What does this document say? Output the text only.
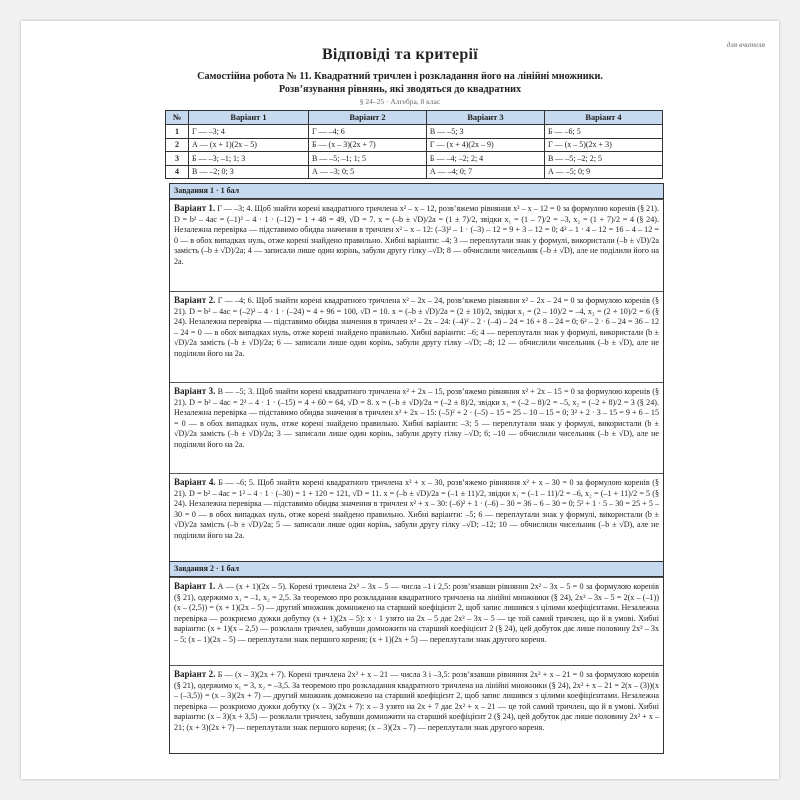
для вчителя
Відповіді та критерії
Самостійна робота № 11. Квадратний тричлен і розкладання його на лінійні множники.
Розв’язування рівнянь, які зводяться до квадратних
§ 24–25 · Алгебра, 8 клас
№	Варіант 1	Варіант 2	Варіант 3	Варіант 4
1	Г — –3; 4	Г — –4; 6	В — –5; 3	Б — –6; 5
2	А — (x + 1)(2x – 5)	Б — (x – 3)(2x + 7)	Г — (x + 4)(2x – 9)	Г — (x – 5)(2x + 3)
3	Б — –3; –1; 1; 3	В — –5; –1; 1; 5	Б — –4; –2; 2; 4	В — –5; –2; 2; 5
4	В — –2; 0; 3	А — –3; 0; 5	А — –4; 0; 7	А — –5; 0; 9
Завдання 1 · 1 бал
Варіант 1. Г — –3; 4. Щоб знайти корені квадратного тричлена x² – x – 12, розв’яжемо рівняння x² – x – 12 = 0 за формулою коренів (§ 21). D = b² – 4ac = (–1)² – 4 · 1 · (–12) = 1 + 48 = 49, √D = 7. x = (–b ± √D)/2a = (1 ± 7)/2, звідки x₁ = (1 – 7)/2 = –3, x₂ = (1 + 7)/2 = 4 (§ 24). Незалежна перевірка — підставимо обидва значення в тричлен x² – x – 12: (–3)² – 1 · (–3) – 12 = 9 + 3 – 12 = 0; 4² – 1 · 4 – 12 = 16 – 4 – 12 = 0 — в обох випадках нуль, отже корені знайдено правильно. Хибні варіанти: –4; 3 — переплутали знак у формулі, використали (–b ± √D)/2a замість (–b ± √D)/2a; 4 — записали лише один корінь, забули другу гілку –√D; 8 — обчислили чисельник (–b ± √D), але не поділили його на 2a.
Варіант 2. Г — –4; 6. Щоб знайти корені квадратного тричлена x² – 2x – 24, розв’яжемо рівняння x² – 2x – 24 = 0 за формулою коренів (§ 21). D = b² – 4ac = (–2)² – 4 · 1 · (–24) = 4 + 96 = 100, √D = 10. x = (–b ± √D)/2a = (2 ± 10)/2, звідки x₁ = (2 – 10)/2 = –4, x₂ = (2 + 10)/2 = 6 (§ 24). Незалежна перевірка — підставимо обидва значення в тричлен x² – 2x – 24: (–4)² – 2 · (–4) – 24 = 16 + 8 – 24 = 0; 6² – 2 · 6 – 24 = 36 – 12 – 24 = 0 — в обох випадках нуль, отже корені знайдено правильно. Хибні варіанти: –6; 4 — переплутали знак у формулі, використали (b ± √D)/2a замість (–b ± √D)/2a; 6 — записали лише один корінь, забули другу гілку –√D; –8; 12 — обчислили чисельник (–b ± √D), але не поділили його на 2a.
Варіант 3. В — –5; 3. Щоб знайти корені квадратного тричлена x² + 2x – 15, розв’яжемо рівняння x² + 2x – 15 = 0 за формулою коренів (§ 21). D = b² – 4ac = 2² – 4 · 1 · (–15) = 4 + 60 = 64, √D = 8. x = (–b ± √D)/2a = (–2 ± 8)/2, звідки x₁ = (–2 – 8)/2 = –5, x₂ = (–2 + 8)/2 = 3 (§ 24). Незалежна перевірка — підставимо обидва значення в тричлен x² + 2x – 15: (–5)² + 2 · (–5) – 15 = 25 – 10 – 15 = 0; 3² + 2 · 3 – 15 = 9 + 6 – 15 = 0 — в обох випадках нуль, отже корені знайдено правильно. Хибні варіанти: –3; 5 — переплутали знак у формулі, використали (b ± √D)/2a замість (–b ± √D)/2a; 3 — записали лише один корінь, забули другу гілку –√D; 6; –10 — обчислили чисельник (–b ± √D), але не поділили його на 2a.
Варіант 4. Б — –6; 5. Щоб знайти корені квадратного тричлена x² + x – 30, розв’яжемо рівняння x² + x – 30 = 0 за формулою коренів (§ 21). D = b² – 4ac = 1² – 4 · 1 · (–30) = 1 + 120 = 121, √D = 11. x = (–b ± √D)/2a = (–1 ± 11)/2, звідки x₁ = (–1 – 11)/2 = –6, x₂ = (–1 + 11)/2 = 5 (§ 24). Незалежна перевірка — підставимо обидва значення в тричлен x² + x – 30: (–6)² + 1 · (–6) – 30 = 36 – 6 – 30 = 0; 5² + 1 · 5 – 30 = 25 + 5 – 30 = 0 — в обох випадках нуль, отже корені знайдено правильно. Хибні варіанти: –5; 6 — переплутали знак у формулі, використали (b ± √D)/2a замість (–b ± √D)/2a; 5 — записали лише один корінь, забули другу гілку –√D; –12; 10 — обчислили чисельник (–b ± √D), але не поділили його на 2a.
Завдання 2 · 1 бал
Варіант 1. А — (x + 1)(2x – 5). Корені тричлена 2x² – 3x – 5 — числа –1 і 2,5: розв’язавши рівняння 2x² – 3x – 5 = 0 за формулою коренів (§ 21), одержимо x₁ = –1, x₂ = 2,5. За теоремою про розкладання квадратного тричлена на лінійні множники (§ 24), 2x² – 3x – 5 = 2(x – (–1))(x – (2,5)) = (x + 1)(2x – 5) — другий множник домножено на старший коефіцієнт 2, щоб запис лишився з цілими коефіцієнтами. Незалежна перевірка — розкриємо дужки добутку (x + 1)(2x – 5): x · 1 узято на 2x – 5 дає 2x² – 3x – 5 — це той самий тричлен, що й в умові. Хибні варіанти: (x + 1)(x – 2,5) — розклали тричлен, забувши домножити на старший коефіцієнт 2 (§ 24), цей добуток дає лише половину 2x² – 3x – 5; (x – 1)(2x – 5) — переплутали знак першого кореня; (x + 1)(2x + 5) — переплутали знак другого кореня.
Варіант 2. Б — (x – 3)(2x + 7). Корені тричлена 2x² + x – 21 — числа 3 і –3,5: розв’язавши рівняння 2x² + x – 21 = 0 за формулою коренів (§ 21), одержимо x₁ = 3, x₂ = –3,5. За теоремою про розкладання квадратного тричлена на лінійні множники (§ 24), 2x² + x – 21 = 2(x – (3))(x – (–3,5)) = (x – 3)(2x + 7) — другий множник домножено на старший коефіцієнт 2, щоб запис лишився з цілими коефіцієнтами. Незалежна перевірка — розкриємо дужки добутку (x – 3)(2x + 7): x – 3 узято на 2x + 7 дає 2x² + x – 21 — це той самий тричлен, що й в умові. Хибні варіанти: (x – 3)(x + 3,5) — розклали тричлен, забувши домножити на старший коефіцієнт 2 (§ 24), цей добуток дає лише половину 2x² + x – 21; (x + 3)(2x + 7) — переплутали знак першого кореня; (x – 3)(2x – 7) — переплутали знак другого кореня.
